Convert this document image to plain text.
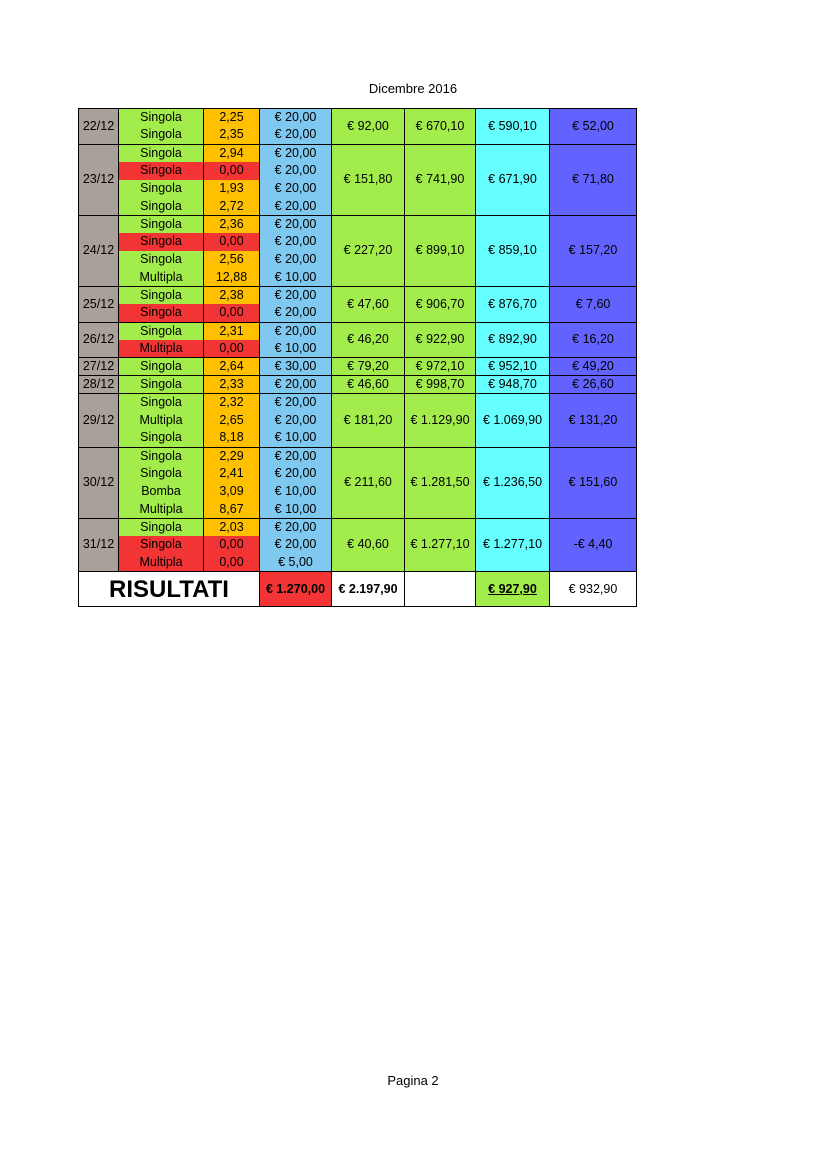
Dicembre 2016
22/12	Singola	2,25	€ 20,00	€ 92,00	€ 670,10	€ 590,10	€ 52,00
	Singola	2,35	€ 20,00				
23/12	Singola	2,94	€ 20,00	€ 151,80	€ 741,90	€ 671,90	€ 71,80
	Singola	0,00	€ 20,00				
	Singola	1,93	€ 20,00				
	Singola	2,72	€ 20,00				
24/12	Singola	2,36	€ 20,00	€ 227,20	€ 899,10	€ 859,10	€ 157,20
	Singola	0,00	€ 20,00				
	Singola	2,56	€ 20,00				
	Multipla	12,88	€ 10,00				
25/12	Singola	2,38	€ 20,00	€ 47,60	€ 906,70	€ 876,70	€ 7,60
	Singola	0,00	€ 20,00				
26/12	Singola	2,31	€ 20,00	€ 46,20	€ 922,90	€ 892,90	€ 16,20
	Multipla	0,00	€ 10,00				
27/12	Singola	2,64	€ 30,00	€ 79,20	€ 972,10	€ 952,10	€ 49,20
28/12	Singola	2,33	€ 20,00	€ 46,60	€ 998,70	€ 948,70	€ 26,60
29/12	Singola	2,32	€ 20,00	€ 181,20	€ 1.129,90	€ 1.069,90	€ 131,20
	Multipla	2,65	€ 20,00				
	Singola	8,18	€ 10,00				
30/12	Singola	2,29	€ 20,00	€ 211,60	€ 1.281,50	€ 1.236,50	€ 151,60
	Singola	2,41	€ 20,00				
	Bomba	3,09	€ 10,00				
	Multipla	8,67	€ 10,00				
31/12	Singola	2,03	€ 20,00	€ 40,60	€ 1.277,10	€ 1.277,10	-€ 4,40
	Singola	0,00	€ 20,00				
	Multipla	0,00	€ 5,00				
RISULTATI			€ 1.270,00	€ 2.197,90		€ 927,90	€ 932,90
Pagina 2
